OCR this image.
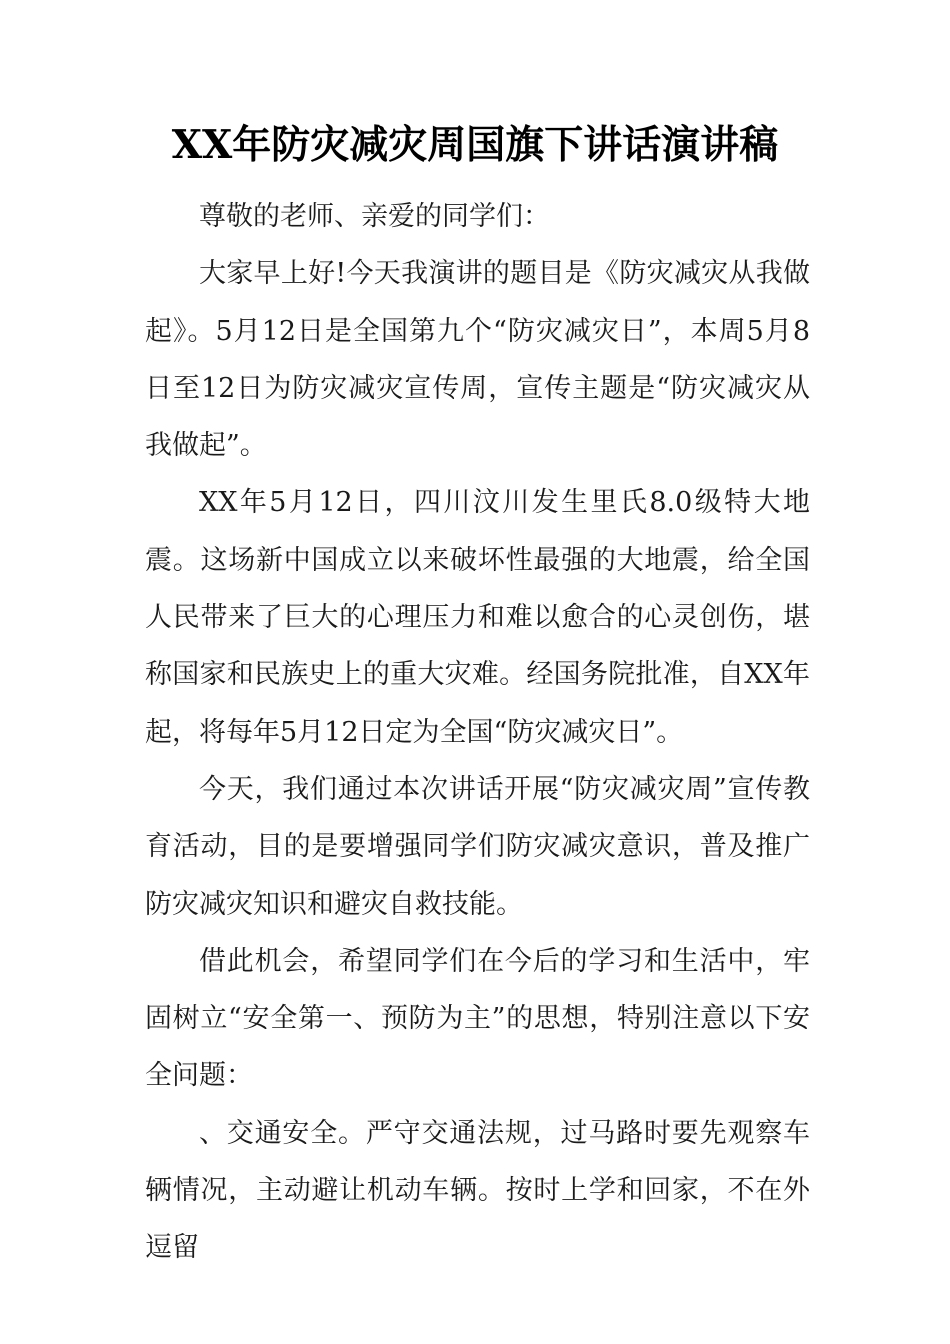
XX年防灾减灾周国旗下讲话演讲稿

尊敬的老师、亲爱的同学们：

大家早上好!今天我演讲的题目是《防灾减灾从我做起》。5月12日是全国第九个“防灾减灾日”，本周5月8日至12日为防灾减灾宣传周，宣传主题是“防灾减灾从我做起”。

XX年5月12日，四川汶川发生里氏8.0级特大地震。这场新中国成立以来破坏性最强的大地震，给全国人民带来了巨大的心理压力和难以愈合的心灵创伤，堪称国家和民族史上的重大灾难。经国务院批准，自XX年起，将每年5月12日定为全国“防灾减灾日”。

今天，我们通过本次讲话开展“防灾减灾周”宣传教育活动，目的是要增强同学们防灾减灾意识，普及推广防灾减灾知识和避灾自救技能。

借此机会，希望同学们在今后的学习和生活中，牢固树立“安全第一、预防为主”的思想，特别注意以下安全问题：

、交通安全。严守交通法规，过马路时要先观察车辆情况，主动避让机动车辆。按时上学和回家，不在外逗留
